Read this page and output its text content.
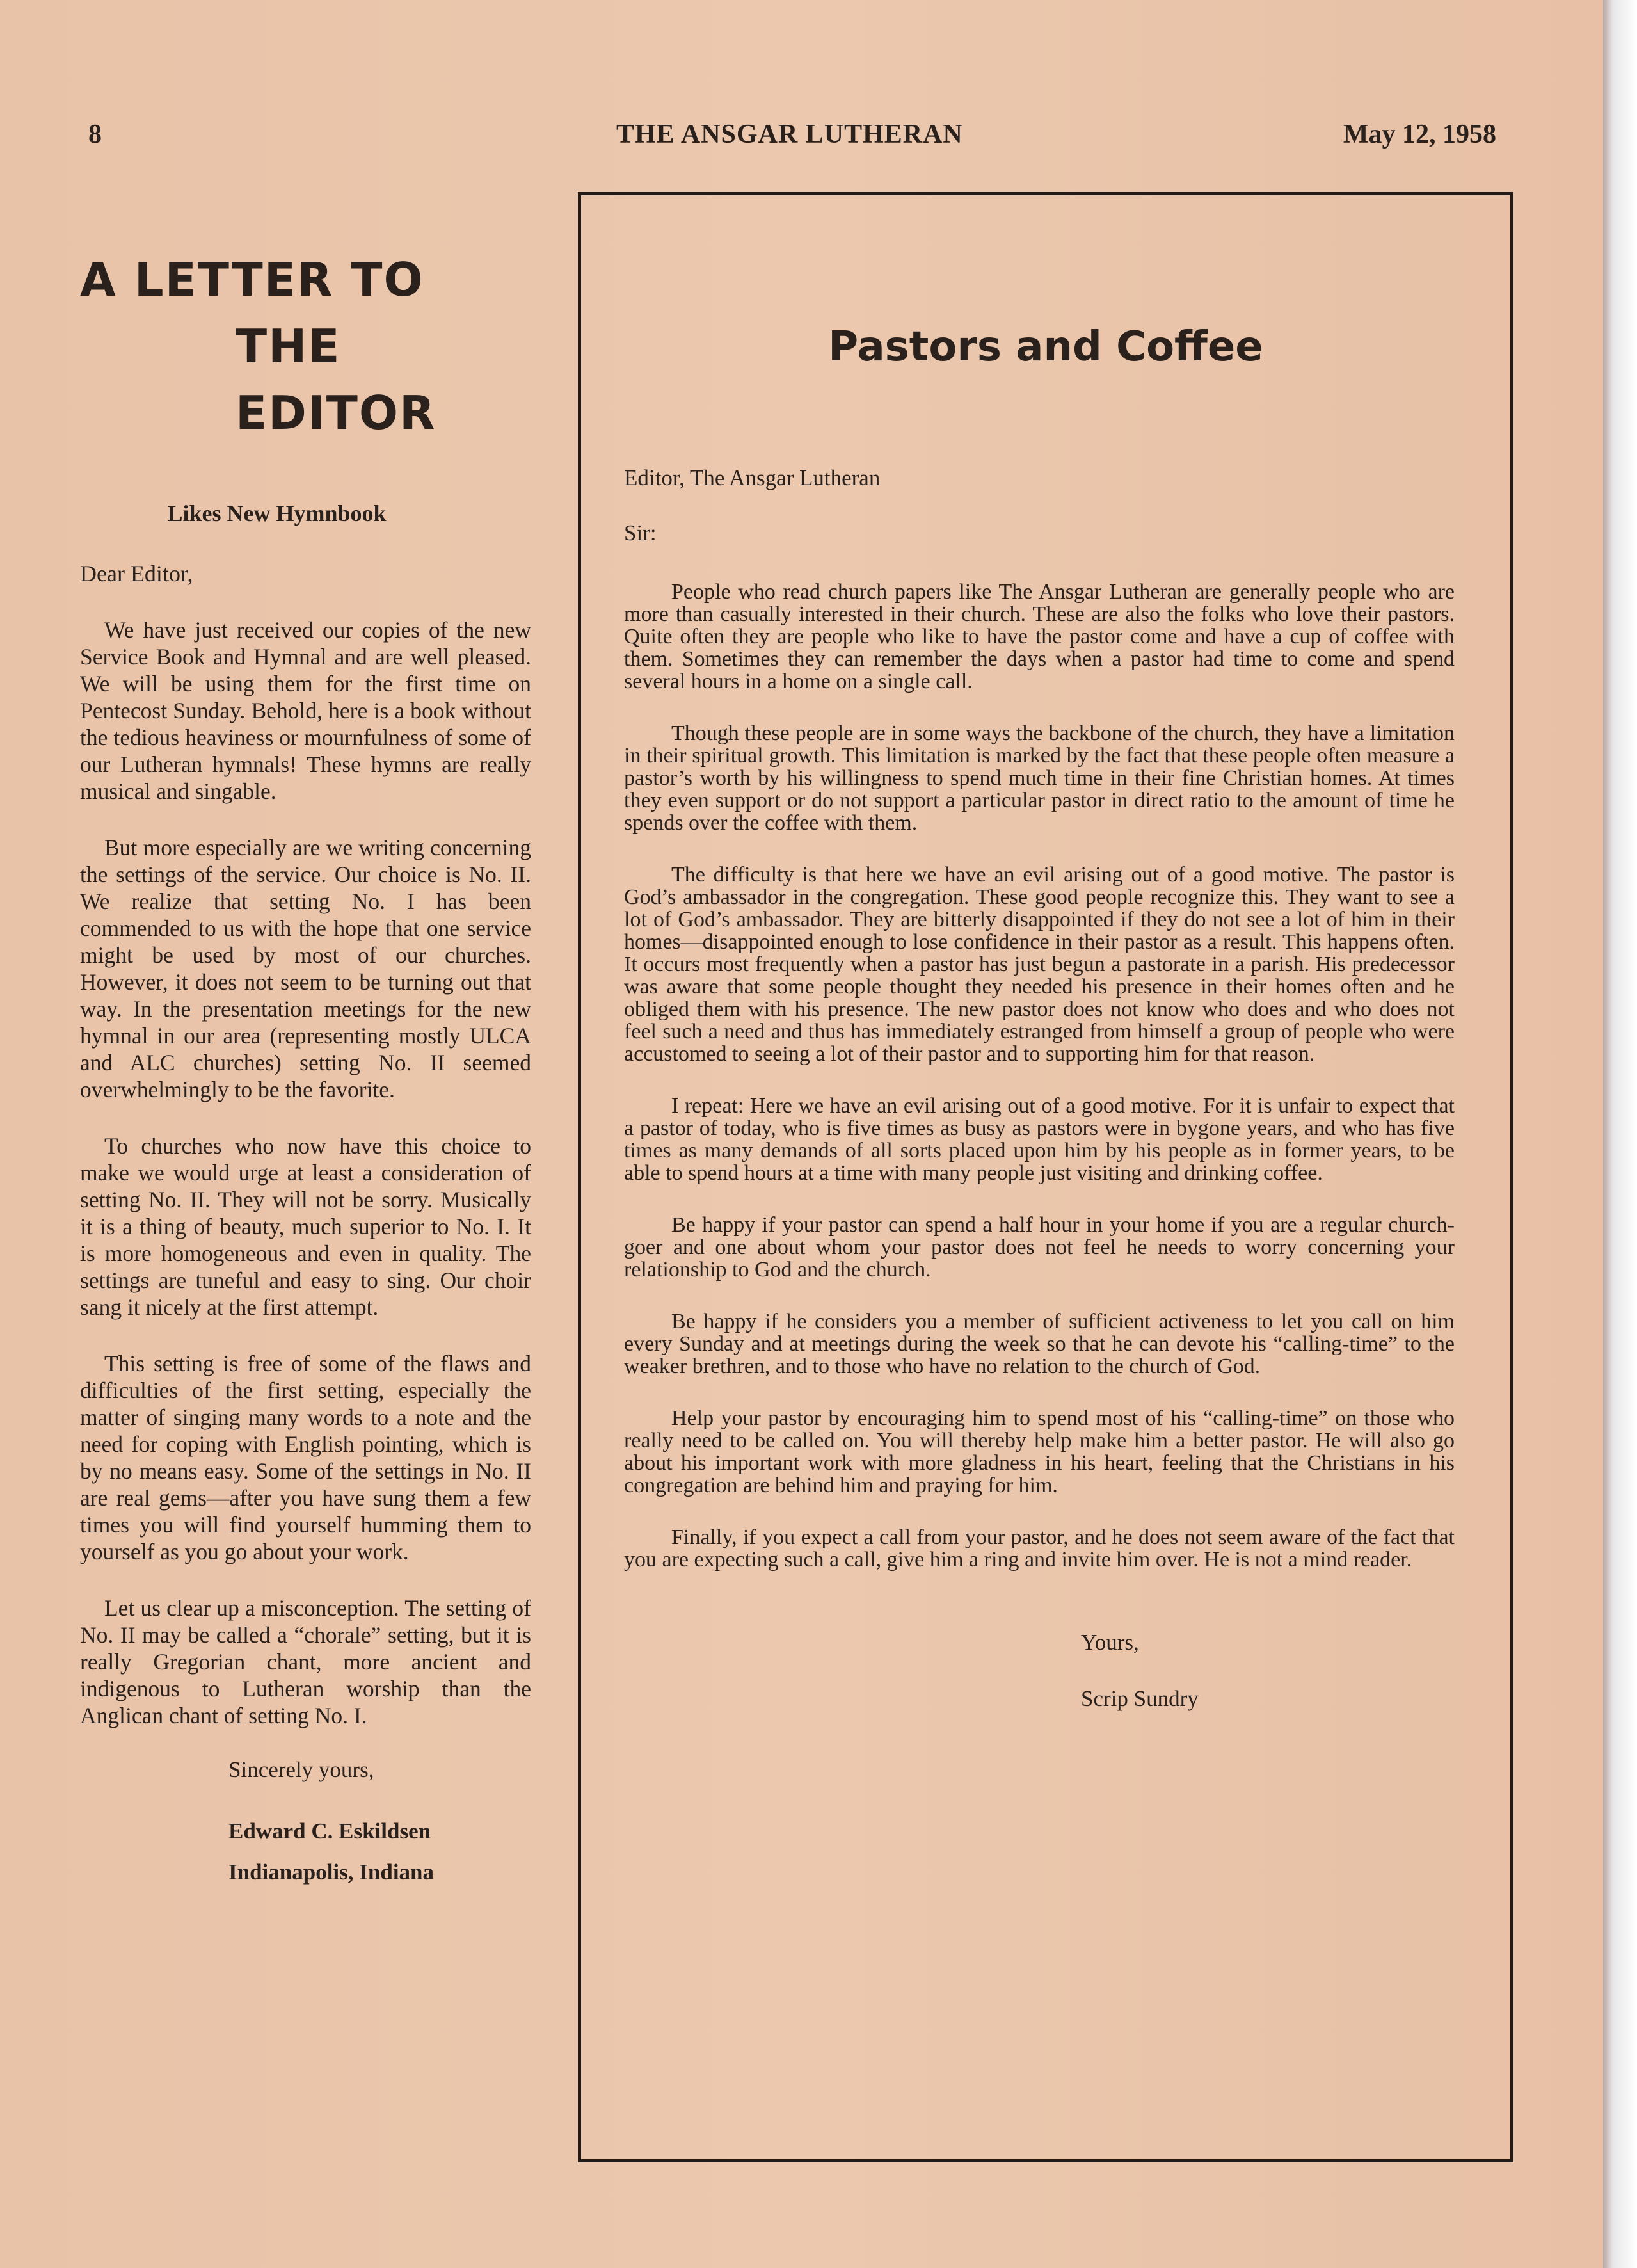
8	THE ANSGAR LUTHERAN	May 12, 1958
A LETTER TO
THE EDITOR
Likes New Hymnbook
Dear Editor,

We have just received our copies of the new Service Book and Hymnal and are well pleased. We will be using them for the first time on Pentecost Sunday. Behold, here is a book without the tedious heaviness or mournfulness of some of our Lutheran hymnals! These hymns are really musical and singable.

But more especially are we writing concerning the settings of the service. Our choice is No. II. We realize that setting No. I has been commended to us with the hope that one service might be used by most of our churches. However, it does not seem to be turning out that way. In the presentation meetings for the new hymnal in our area (representing mostly ULCA and ALC churches) setting No. II seemed overwhelmingly to be the favorite.

To churches who now have this choice to make we would urge at least a consideration of setting No. II. They will not be sorry. Musically it is a thing of beauty, much superior to No. I. It is more homogeneous and even in quality. The settings are tuneful and easy to sing. Our choir sang it nicely at the first attempt.

This setting is free of some of the flaws and difficulties of the first setting, especially the matter of singing many words to a note and the need for coping with English pointing, which is by no means easy. Some of the settings in No. II are real gems—after you have sung them a few times you will find yourself humming them to yourself as you go about your work.

Let us clear up a misconception. The setting of No. II may be called a “chorale” setting, but it is really Gregorian chant, more ancient and indigenous to Lutheran worship than the Anglican chant of setting No. I.

Sincerely yours,
Edward C. Eskildsen
Indianapolis, Indiana
Pastors and Coffee
Editor, The Ansgar Lutheran
Sir:

People who read church papers like The Ansgar Lutheran are generally people who are more than casually interested in their church. These are also the folks who love their pastors. Quite often they are people who like to have the pastor come and have a cup of coffee with them. Sometimes they can remember the days when a pastor had time to come and spend several hours in a home on a single call.

Though these people are in some ways the backbone of the church, they have a limitation in their spiritual growth. This limitation is marked by the fact that these people often measure a pastor’s worth by his willingness to spend much time in their fine Christian homes. At times they even support or do not support a particular pastor in direct ratio to the amount of time he spends over the coffee with them.

The difficulty is that here we have an evil arising out of a good motive. The pastor is God’s ambassador in the congregation. These good people recognize this. They want to see a lot of God’s ambassador. They are bitterly disappointed if they do not see a lot of him in their homes—disappointed enough to lose confidence in their pastor as a result. This happens often. It occurs most frequently when a pastor has just begun a pastorate in a parish. His predecessor was aware that some people thought they needed his presence in their homes often and he obliged them with his presence. The new pastor does not know who does and who does not feel such a need and thus has immediately estranged from himself a group of people who were accustomed to seeing a lot of their pastor and to supporting him for that reason.

I repeat: Here we have an evil arising out of a good motive. For it is unfair to expect that a pastor of today, who is five times as busy as pastors were in bygone years, and who has five times as many demands of all sorts placed upon him by his people as in former years, to be able to spend hours at a time with many people just visiting and drinking coffee.

Be happy if your pastor can spend a half hour in your home if you are a regular church-goer and one about whom your pastor does not feel he needs to worry concerning your relationship to God and the church.

Be happy if he considers you a member of sufficient activeness to let you call on him every Sunday and at meetings during the week so that he can devote his “calling-time” to the weaker brethren, and to those who have no relation to the church of God.

Help your pastor by encouraging him to spend most of his “calling-time” on those who really need to be called on. You will thereby help make him a better pastor. He will also go about his important work with more gladness in his heart, feeling that the Christians in his congregation are behind him and praying for him.

Finally, if you expect a call from your pastor, and he does not seem aware of the fact that you are expecting such a call, give him a ring and invite him over. He is not a mind reader.

Yours,
Scrip Sundry
